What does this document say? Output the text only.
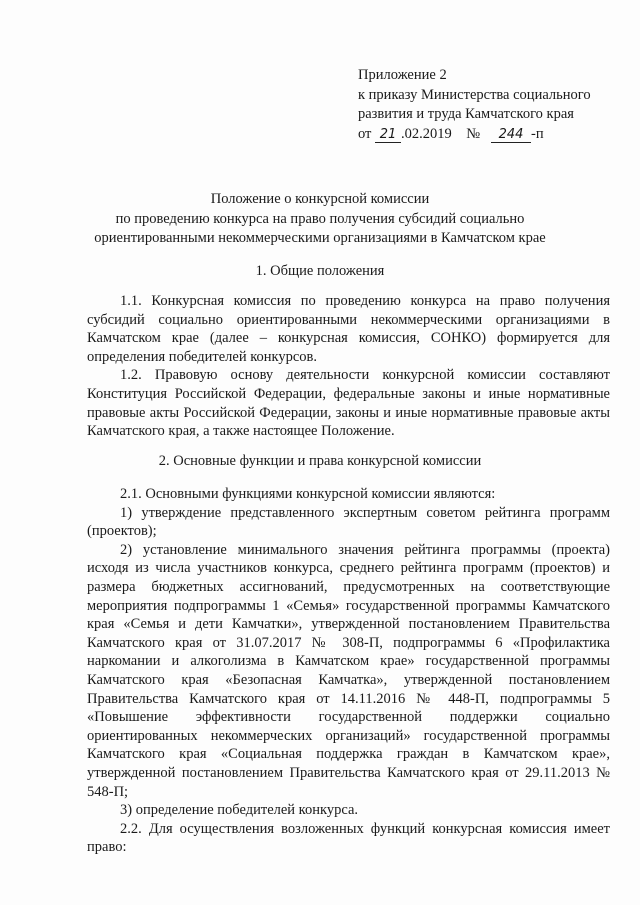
Приложение 2
к приказу Министерства социального
развития и труда Камчатского края
от 21 .02.2019 № 244 -п
Положение о конкурсной комиссии
по проведению конкурса на право получения субсидий социально
ориентированными некоммерческими организациями в Камчатском крае
1. Общие положения

1.1. Конкурсная комиссия по проведению конкурса на право получения субсидий социально ориентированными некоммерческими организациями в Камчатском крае (далее – конкурсная комиссия, СОНКО) формируется для определения победителей конкурсов.

1.2. Правовую основу деятельности конкурсной комиссии составляют Конституция Российской Федерации, федеральные законы и иные нормативные правовые акты Российской Федерации, законы и иные нормативные правовые акты Камчатского края, а также настоящее Положение.

2. Основные функции и права конкурсной комиссии

2.1. Основными функциями конкурсной комиссии являются:

1) утверждение представленного экспертным советом рейтинга программ (проектов);

2) установление минимального значения рейтинга программы (проекта) исходя из числа участников конкурса, среднего рейтинга программ (проектов) и размера бюджетных ассигнований, предусмотренных на соответствующие мероприятия подпрограммы 1 «Семья» государственной программы Камчатского края «Семья и дети Камчатки», утвержденной постановлением Правительства Камчатского края от 31.07.2017 № 308-П, подпрограммы 6 «Профилактика наркомании и алкоголизма в Камчатском крае» государственной программы Камчатского края «Безопасная Камчатка», утвержденной постановлением Правительства Камчатского края от 14.11.2016 № 448-П, подпрограммы 5 «Повышение эффективности государственной поддержки социально ориентированных некоммерческих организаций» государственной программы Камчатского края «Социальная поддержка граждан в Камчатском крае», утвержденной постановлением Правительства Камчатского края от 29.11.2013 № 548-П;

3) определение победителей конкурса.

2.2. Для осуществления возложенных функций конкурсная комиссия имеет право:
